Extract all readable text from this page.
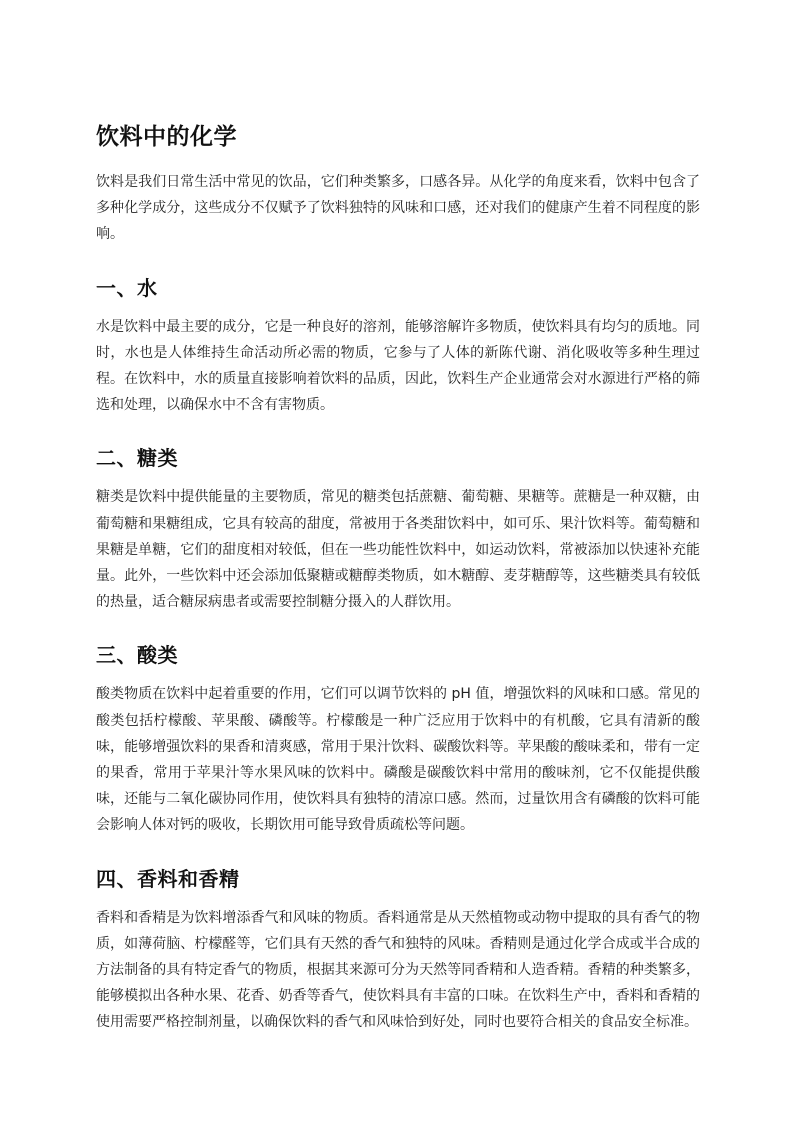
饮料中的化学

饮料是我们日常生活中常见的饮品，它们种类繁多，口感各异。从化学的角度来看，饮料中包含了多种化学成分，这些成分不仅赋予了饮料独特的风味和口感，还对我们的健康产生着不同程度的影响。

一、水

水是饮料中最主要的成分，它是一种良好的溶剂，能够溶解许多物质，使饮料具有均匀的质地。同时，水也是人体维持生命活动所必需的物质，它参与了人体的新陈代谢、消化吸收等多种生理过程。在饮料中，水的质量直接影响着饮料的品质，因此，饮料生产企业通常会对水源进行严格的筛选和处理，以确保水中不含有害物质。

二、糖类

糖类是饮料中提供能量的主要物质，常见的糖类包括蔗糖、葡萄糖、果糖等。蔗糖是一种双糖，由葡萄糖和果糖组成，它具有较高的甜度，常被用于各类甜饮料中，如可乐、果汁饮料等。葡萄糖和果糖是单糖，它们的甜度相对较低，但在一些功能性饮料中，如运动饮料，常被添加以快速补充能量。此外，一些饮料中还会添加低聚糖或糖醇类物质，如木糖醇、麦芽糖醇等，这些糖类具有较低的热量，适合糖尿病患者或需要控制糖分摄入的人群饮用。

三、酸类

酸类物质在饮料中起着重要的作用，它们可以调节饮料的 pH 值，增强饮料的风味和口感。常见的酸类包括柠檬酸、苹果酸、磷酸等。柠檬酸是一种广泛应用于饮料中的有机酸，它具有清新的酸味，能够增强饮料的果香和清爽感，常用于果汁饮料、碳酸饮料等。苹果酸的酸味柔和，带有一定的果香，常用于苹果汁等水果风味的饮料中。磷酸是碳酸饮料中常用的酸味剂，它不仅能提供酸味，还能与二氧化碳协同作用，使饮料具有独特的清凉口感。然而，过量饮用含有磷酸的饮料可能会影响人体对钙的吸收，长期饮用可能导致骨质疏松等问题。

四、香料和香精

香料和香精是为饮料增添香气和风味的物质。香料通常是从天然植物或动物中提取的具有香气的物质，如薄荷脑、柠檬醛等，它们具有天然的香气和独特的风味。香精则是通过化学合成或半合成的方法制备的具有特定香气的物质，根据其来源可分为天然等同香精和人造香精。香精的种类繁多，能够模拟出各种水果、花香、奶香等香气，使饮料具有丰富的口味。在饮料生产中，香料和香精的使用需要严格控制剂量，以确保饮料的香气和风味恰到好处，同时也要符合相关的食品安全标准。
